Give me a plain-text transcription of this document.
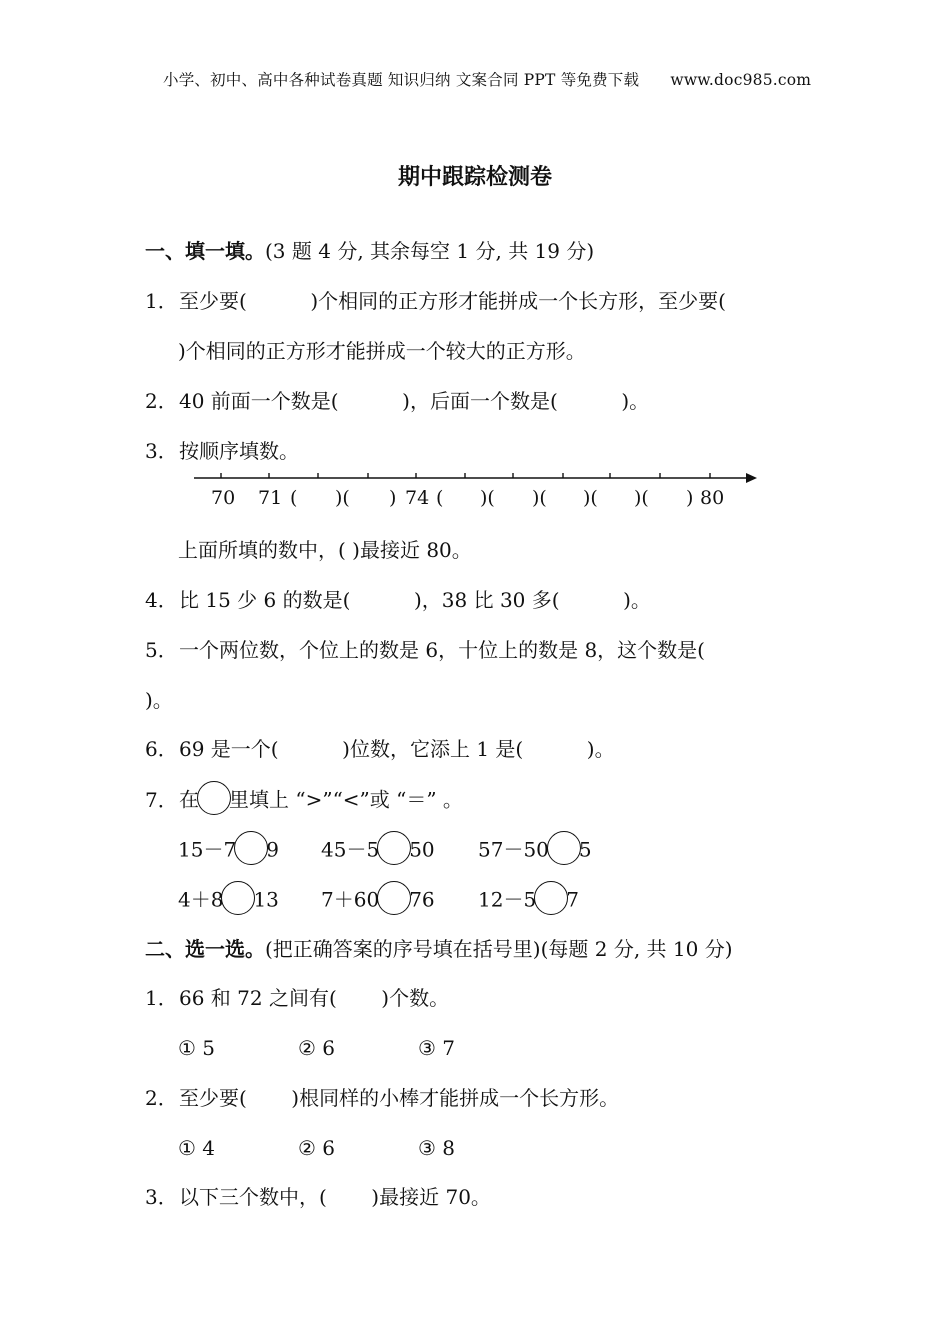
小学、初中、高中各种试卷真题 知识归纳 文案合同 PPT 等免费下载 www.doc985.com
期中跟踪检测卷
一、填一填。(3 题 4 分, 其余每空 1 分, 共 19 分)
1．至少要(          )个相同的正方形才能拼成一个长方形，至少要(
)个相同的正方形才能拼成一个较大的正方形。
2．40 前面一个数是(          )，后面一个数是(          )。
3．按顺序填数。
70 71 ( )( ) 74 ( )( )( )( )( ) 80
上面所填的数中，( )最接近 80。
4．比 15 少 6 的数是(          )，38 比 30 多(          )。
5．一个两位数，个位上的数是 6，十位上的数是 8，这个数是(
)。
6．69 是一个(          )位数，它添上 1 是(          )。
7．在 里填上 “>”“<”或 “＝” 。
15－7 9 45－5 50 57－50 5
4＋8 13 7＋60 76 12－5 7
二、选一选。(把正确答案的序号填在括号里)(每题 2 分, 共 10 分)
1．66 和 72 之间有(       )个数。
① 5	② 6	③ 7
2．至少要(       )根同样的小棒才能拼成一个长方形。
① 4	② 6	③ 8
3．以下三个数中，(       )最接近 70。
